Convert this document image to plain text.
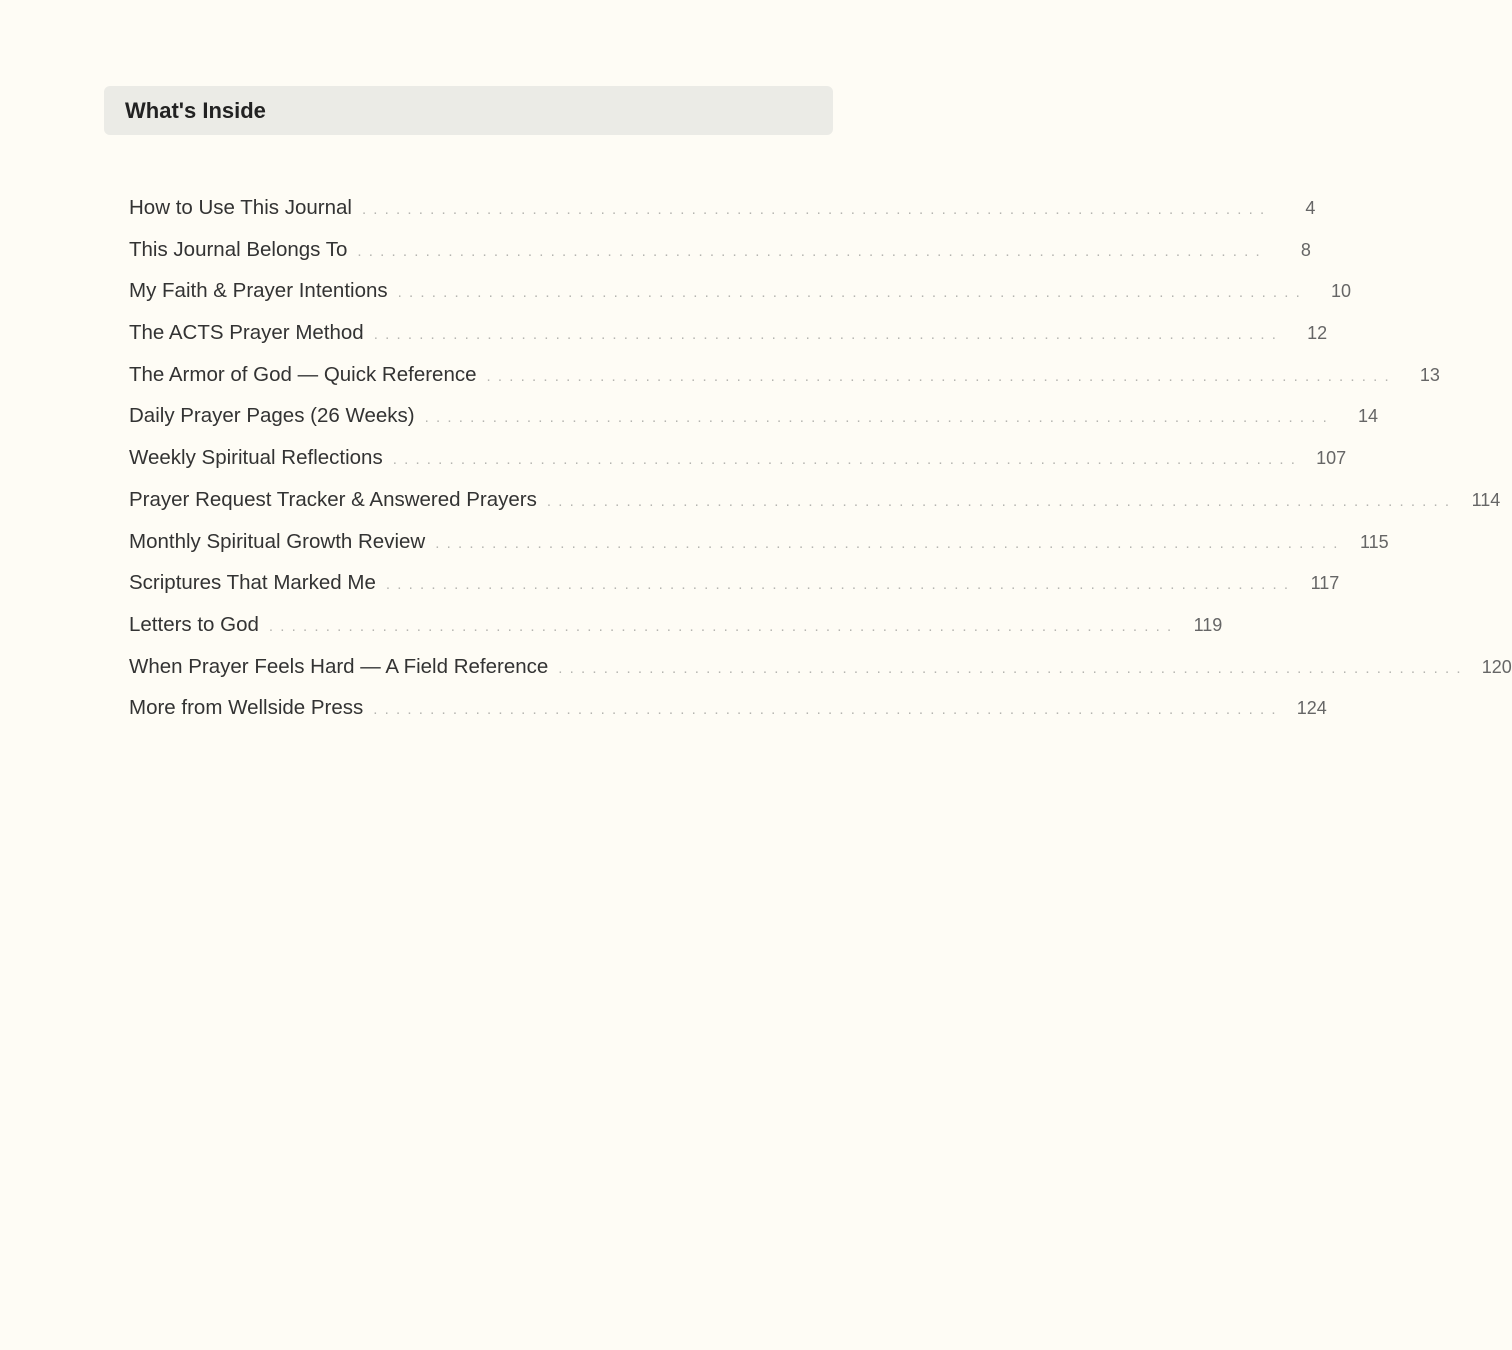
What's Inside
How to Use This Journal ................................................................................	4
This Journal Belongs To ................................................................................	8
My Faith & Prayer Intentions ................................................................................	10
The ACTS Prayer Method ................................................................................	12
The Armor of God — Quick Reference ................................................................................	13
Daily Prayer Pages (26 Weeks) ................................................................................	14
Weekly Spiritual Reflections ................................................................................ 107
Prayer Request Tracker & Answered Prayers ................................................................................ 114
Monthly Spiritual Growth Review ................................................................................ 115
Scriptures That Marked Me ................................................................................ 117
Letters to God ................................................................................ 119
When Prayer Feels Hard — A Field Reference ................................................................................ 120
More from Wellside Press ................................................................................ 124
